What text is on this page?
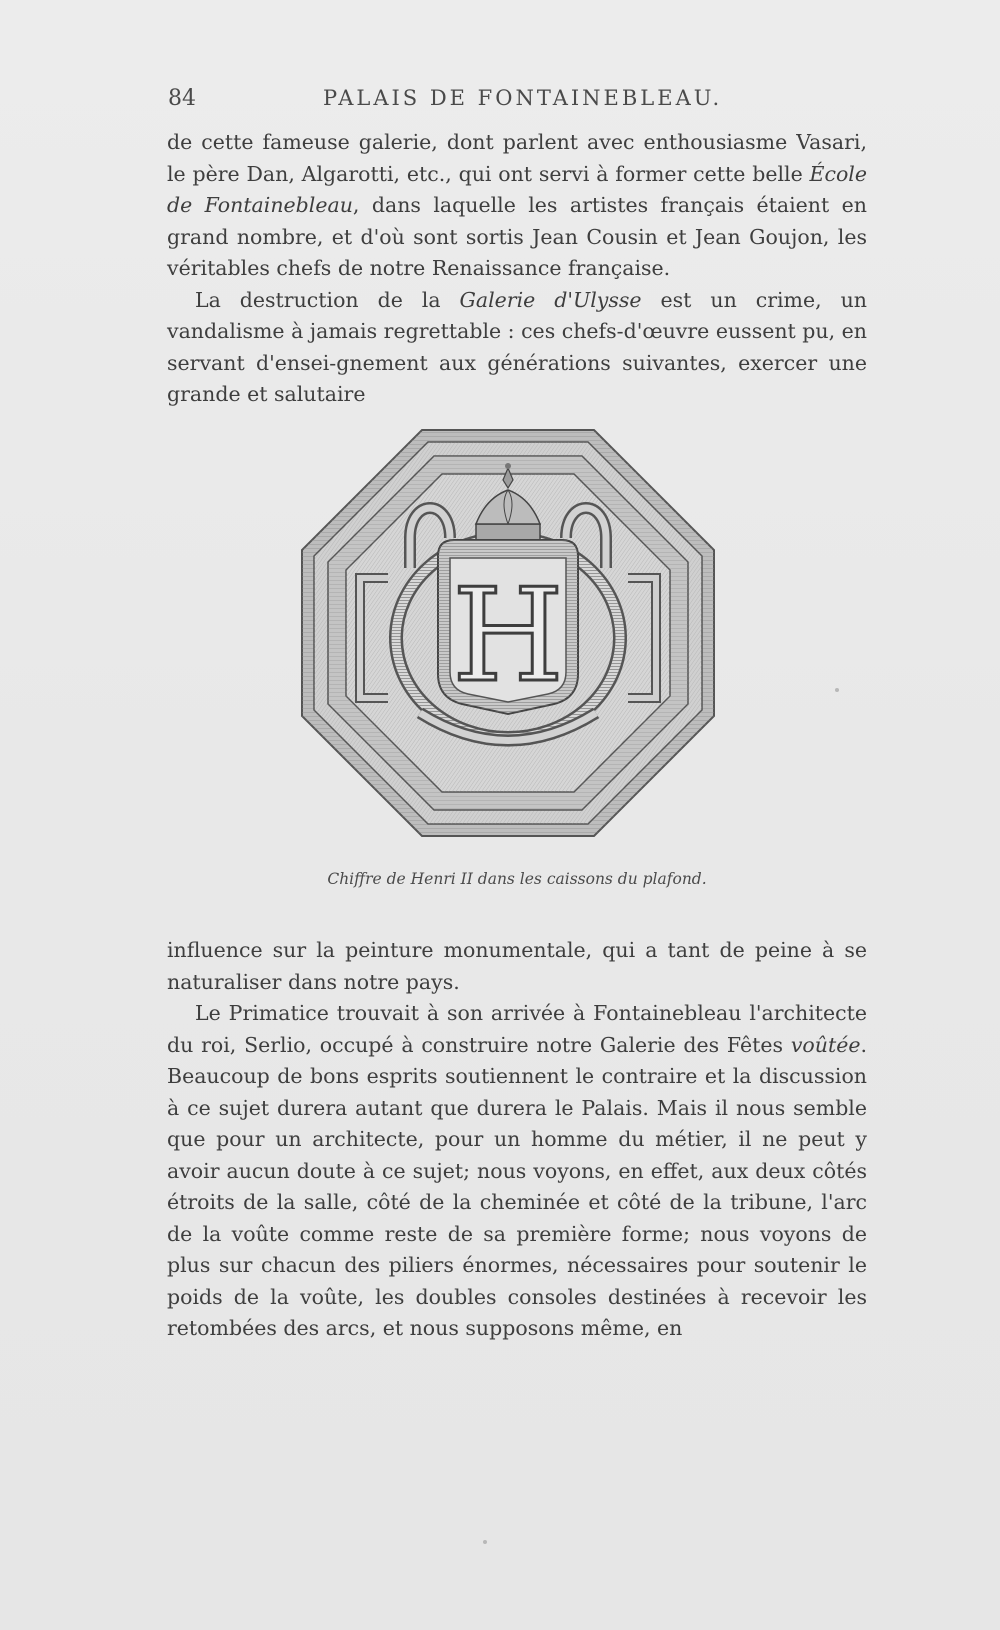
84	PALAIS DE FONTAINEBLEAU.

de cette fameuse galerie, dont parlent avec enthousiasme Vasari, le père Dan, Algarotti, etc., qui ont servi à former cette belle École de Fontainebleau, dans laquelle les artistes français étaient en grand nombre, et d'où sont sortis Jean Cousin et Jean Goujon, les véritables chefs de notre Renaissance française.

La destruction de la Galerie d'Ulysse est un crime, un vandalisme à jamais regrettable : ces chefs-d'œuvre eussent pu, en servant d'ensei-gnement aux générations suivantes, exercer une grande et salutaire

H
Chiffre de Henri II dans les caissons du plafond.

influence sur la peinture monumentale, qui a tant de peine à se naturaliser dans notre pays.

Le Primatice trouvait à son arrivée à Fontainebleau l'architecte du roi, Serlio, occupé à construire notre Galerie des Fêtes voûtée. Beaucoup de bons esprits soutiennent le contraire et la discussion à ce sujet durera autant que durera le Palais. Mais il nous semble que pour un architecte, pour un homme du métier, il ne peut y avoir aucun doute à ce sujet; nous voyons, en effet, aux deux côtés étroits de la salle, côté de la cheminée et côté de la tribune, l'arc de la voûte comme reste de sa première forme; nous voyons de plus sur chacun des piliers énormes, nécessaires pour soutenir le poids de la voûte, les doubles consoles destinées à recevoir les retombées des arcs, et nous supposons même, en
